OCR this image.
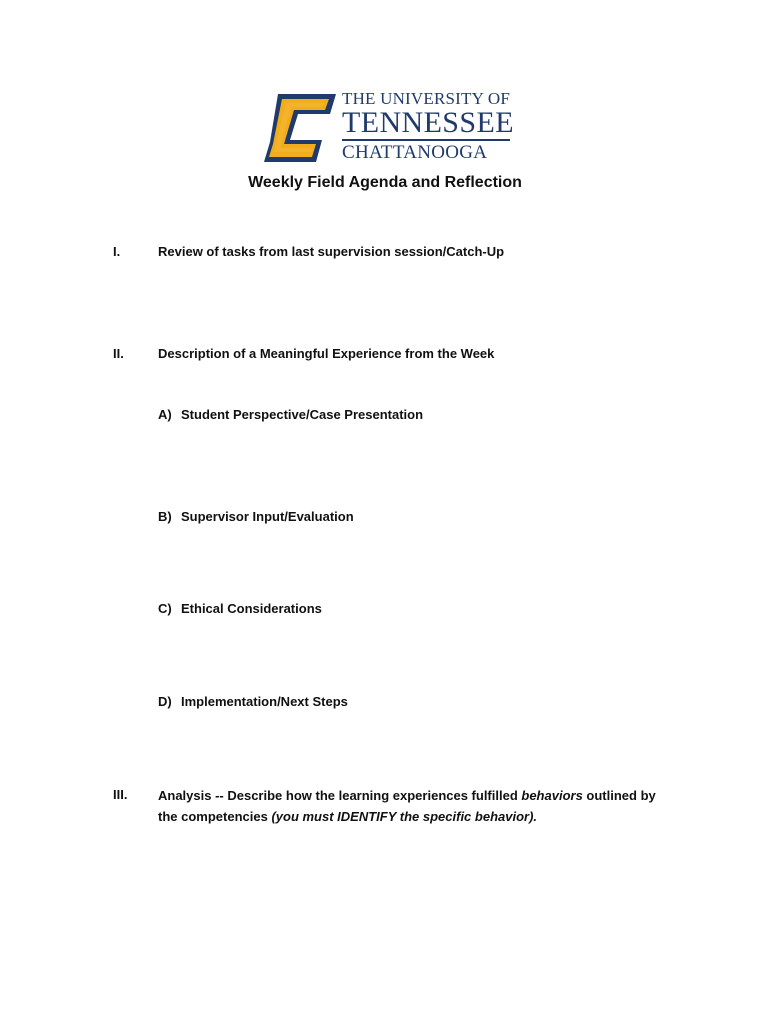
THE UNIVERSITY OF
TENNESSEE
CHATTANOOGA
Weekly Field Agenda and Reflection
I.	Review of tasks from last supervision session/Catch-Up
II.	Description of a Meaningful Experience from the Week
A) Student Perspective/Case Presentation
B) Supervisor Input/Evaluation
C) Ethical Considerations
D) Implementation/Next Steps
III. Analysis -- Describe how the learning experiences fulfilled behaviors outlined by the competencies (you must IDENTIFY the specific behavior).
